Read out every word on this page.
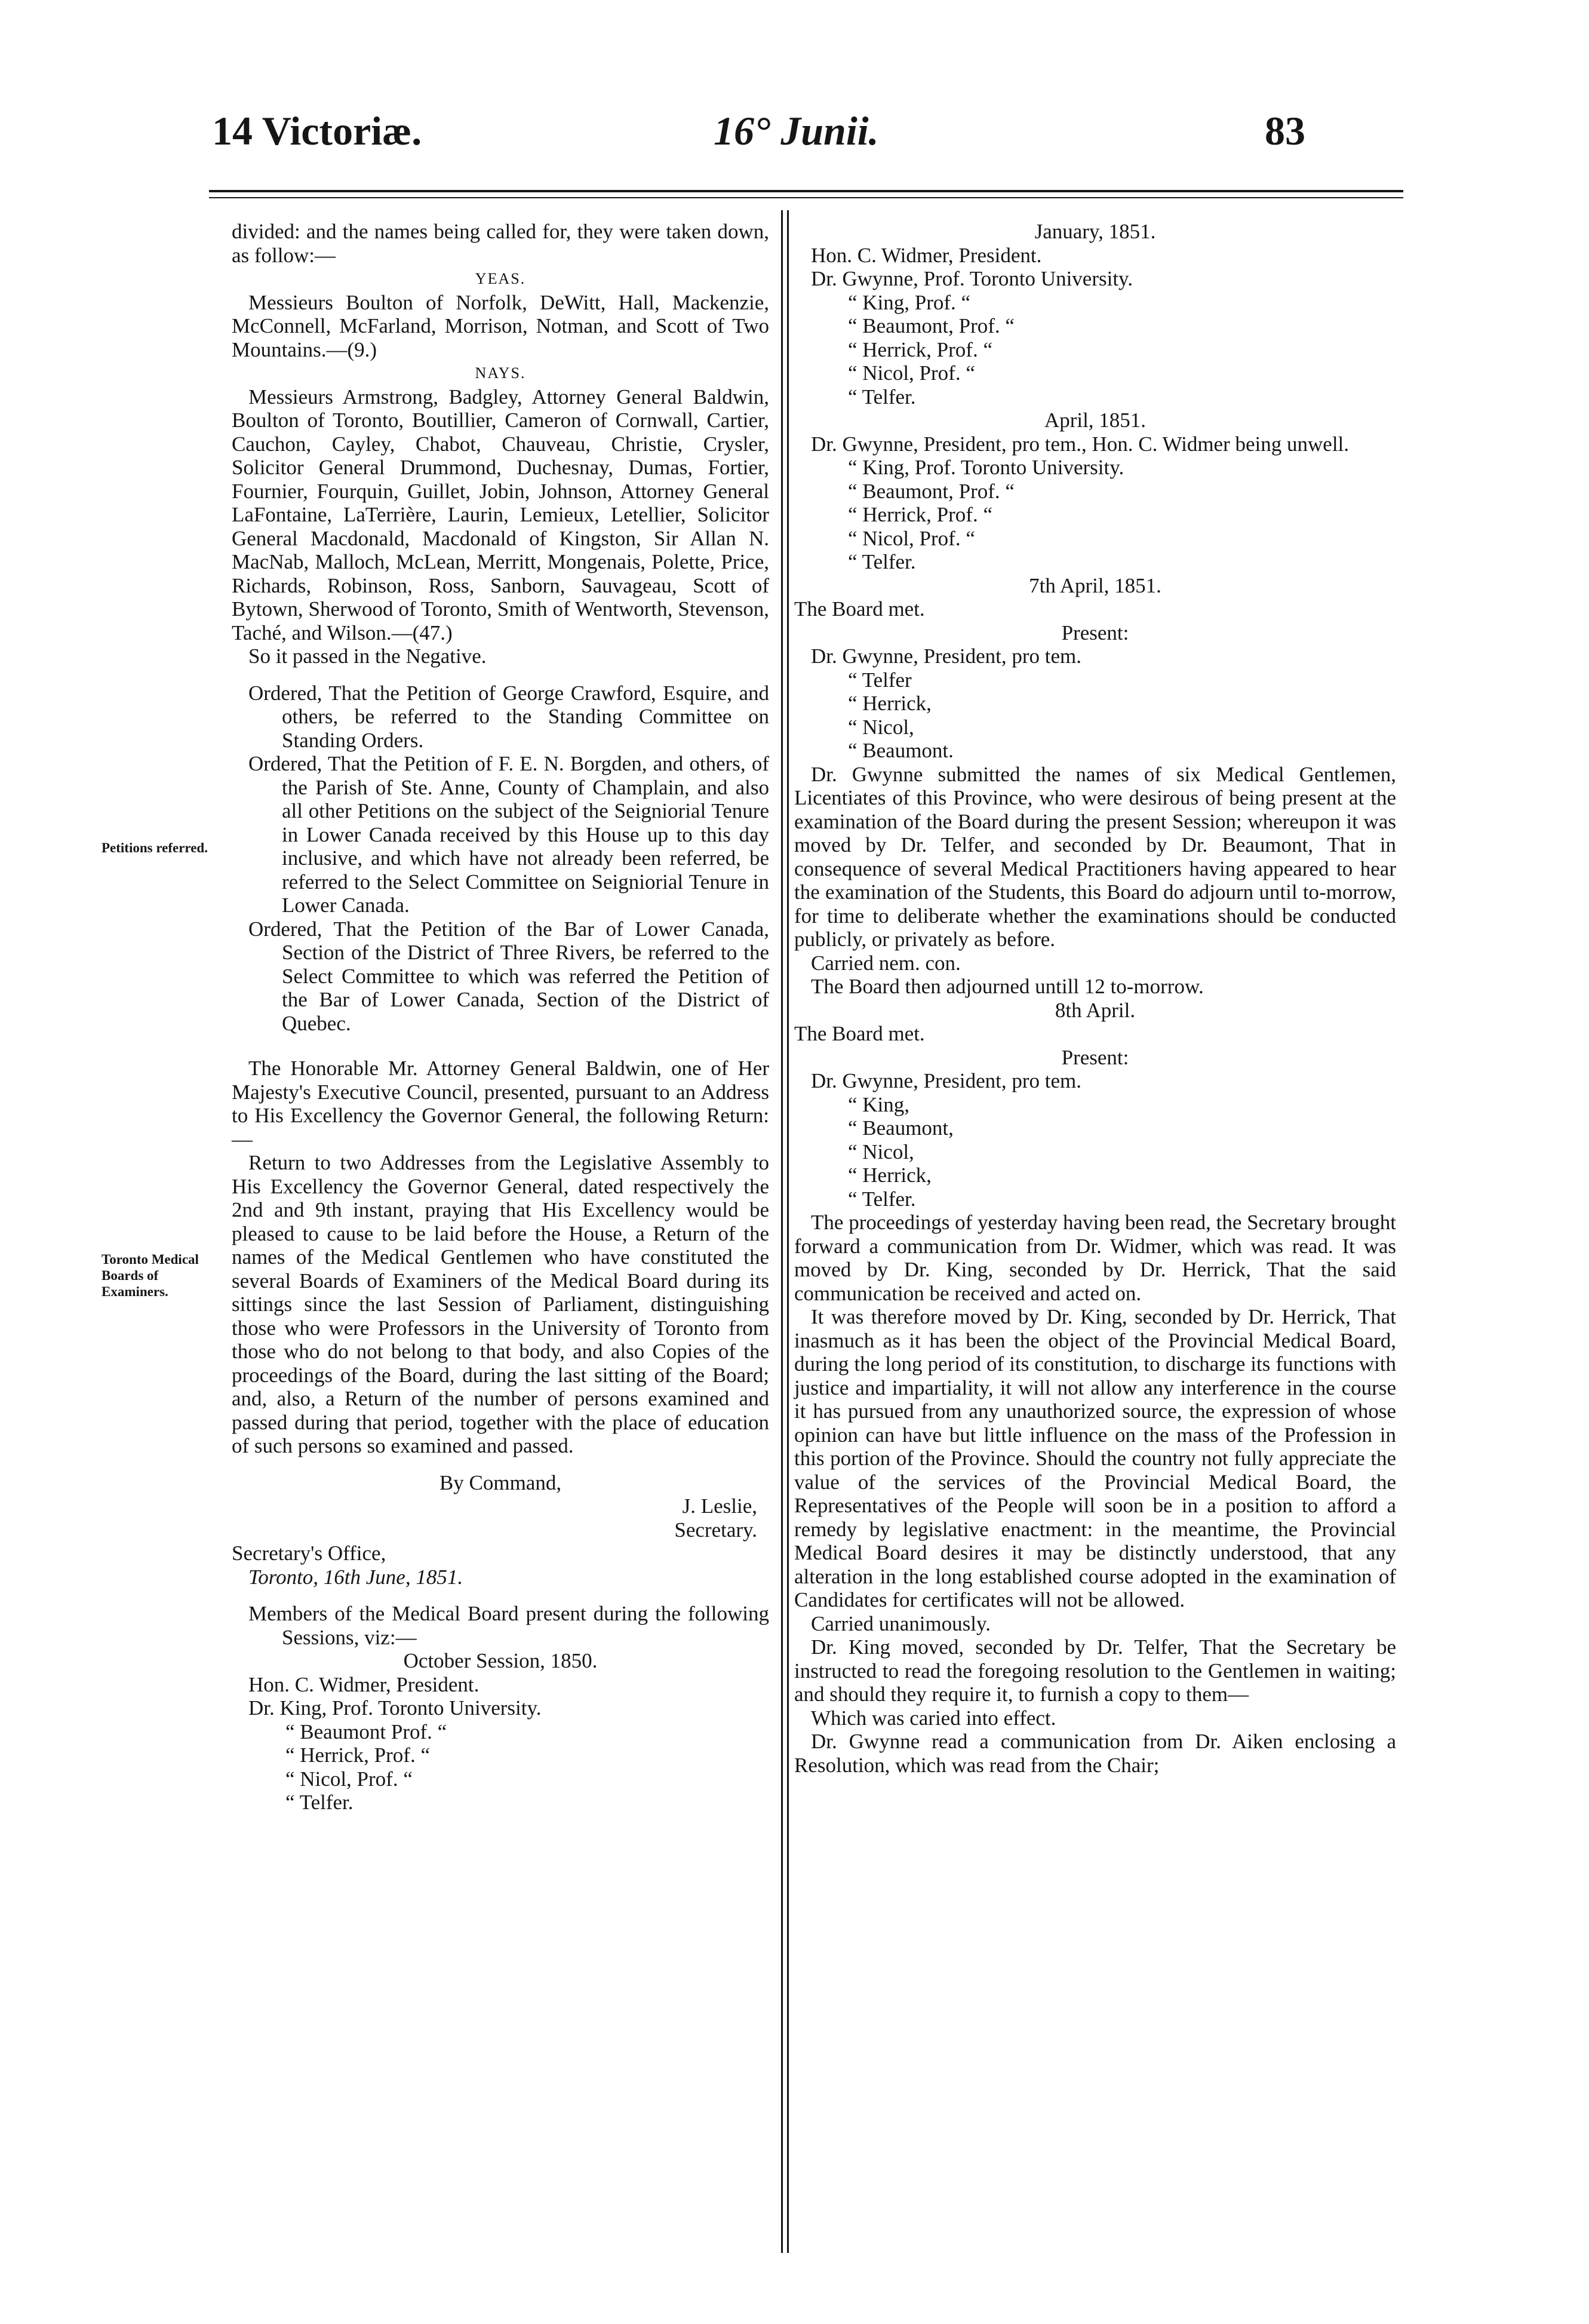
14 Victoriæ.	16° Junii.	83
Petitions referred.
Toronto Medical Boards of Examiners.

divided: and the names being called for, they were taken down, as follow:—

YEAS.

Messieurs Boulton of Norfolk, DeWitt, Hall, Mackenzie, McConnell, McFarland, Morrison, Notman, and Scott of Two Mountains.—(9.)

NAYS.

Messieurs Armstrong, Badgley, Attorney General Baldwin, Boulton of Toronto, Boutillier, Cameron of Cornwall, Cartier, Cauchon, Cayley, Chabot, Chauveau, Christie, Crysler, Solicitor General Drummond, Duchesnay, Dumas, Fortier, Fournier, Fourquin, Guillet, Jobin, Johnson, Attorney General LaFontaine, LaTerrière, Laurin, Lemieux, Letellier, Solicitor General Macdonald, Macdonald of Kingston, Sir Allan N. MacNab, Malloch, McLean, Merritt, Mongenais, Polette, Price, Richards, Robinson, Ross, Sanborn, Sauvageau, Scott of Bytown, Sherwood of Toronto, Smith of Wentworth, Stevenson, Taché, and Wilson.—(47.)

So it passed in the Negative.

Ordered, That the Petition of George Crawford, Esquire, and others, be referred to the Standing Committee on Standing Orders.

Ordered, That the Petition of F. E. N. Borgden, and others, of the Parish of Ste. Anne, County of Champlain, and also all other Petitions on the subject of the Seigniorial Tenure in Lower Canada received by this House up to this day inclusive, and which have not already been referred, be referred to the Select Committee on Seigniorial Tenure in Lower Canada.

Ordered, That the Petition of the Bar of Lower Canada, Section of the District of Three Rivers, be referred to the Select Committee to which was referred the Petition of the Bar of Lower Canada, Section of the District of Quebec.

The Honorable Mr. Attorney General Baldwin, one of Her Majesty's Executive Council, presented, pursuant to an Address to His Excellency the Governor General, the following Return:—

Return to two Addresses from the Legislative Assembly to His Excellency the Governor General, dated respectively the 2nd and 9th instant, praying that His Excellency would be pleased to cause to be laid before the House, a Return of the names of the Medical Gentlemen who have constituted the several Boards of Examiners of the Medical Board during its sittings since the last Session of Parliament, distinguishing those who were Professors in the University of Toronto from those who do not belong to that body, and also Copies of the proceedings of the Board, during the last sitting of the Board; and, also, a Return of the number of persons examined and passed during that period, together with the place of education of such persons so examined and passed.

By Command,

J. Leslie,

Secretary.

Secretary's Office,

Toronto, 16th June, 1851.

Members of the Medical Board present during the following Sessions, viz:—

October Session, 1850.

Hon. C. Widmer, President.

Dr. King, Prof. Toronto University.

“ Beaumont Prof. “

“ Herrick, Prof. “

“ Nicol, Prof. “

“ Telfer.

January, 1851.

Hon. C. Widmer, President.

Dr. Gwynne, Prof. Toronto University.

“ King, Prof. “

“ Beaumont, Prof. “

“ Herrick, Prof. “

“ Nicol, Prof. “

“ Telfer.

April, 1851.

Dr. Gwynne, President, pro tem., Hon. C. Widmer being unwell.

“ King, Prof. Toronto University.

“ Beaumont, Prof. “

“ Herrick, Prof. “

“ Nicol, Prof. “

“ Telfer.

7th April, 1851.

The Board met.

Present:

Dr. Gwynne, President, pro tem.

“ Telfer

“ Herrick,

“ Nicol,

“ Beaumont.

Dr. Gwynne submitted the names of six Medical Gentlemen, Licentiates of this Province, who were desirous of being present at the examination of the Board during the present Session; whereupon it was moved by Dr. Telfer, and seconded by Dr. Beaumont, That in consequence of several Medical Practitioners having appeared to hear the examination of the Students, this Board do adjourn until to-morrow, for time to deliberate whether the examinations should be conducted publicly, or privately as before.

Carried nem. con.

The Board then adjourned untill 12 to-morrow.

8th April.

The Board met.

Present:

Dr. Gwynne, President, pro tem.

“ King,

“ Beaumont,

“ Nicol,

“ Herrick,

“ Telfer.

The proceedings of yesterday having been read, the Secretary brought forward a communication from Dr. Widmer, which was read. It was moved by Dr. King, seconded by Dr. Herrick, That the said communication be received and acted on.

It was therefore moved by Dr. King, seconded by Dr. Herrick, That inasmuch as it has been the object of the Provincial Medical Board, during the long period of its constitution, to discharge its functions with justice and impartiality, it will not allow any interference in the course it has pursued from any unauthorized source, the expression of whose opinion can have but little influence on the mass of the Profession in this portion of the Province. Should the country not fully appreciate the value of the services of the Provincial Medical Board, the Representatives of the People will soon be in a position to afford a remedy by legislative enactment: in the meantime, the Provincial Medical Board desires it may be distinctly understood, that any alteration in the long established course adopted in the examination of Candidates for certificates will not be allowed.

Carried unanimously.

Dr. King moved, seconded by Dr. Telfer, That the Secretary be instructed to read the foregoing resolution to the Gentlemen in waiting; and should they require it, to furnish a copy to them—

Which was caried into effect.

Dr. Gwynne read a communication from Dr. Aiken enclosing a Resolution, which was read from the Chair;
